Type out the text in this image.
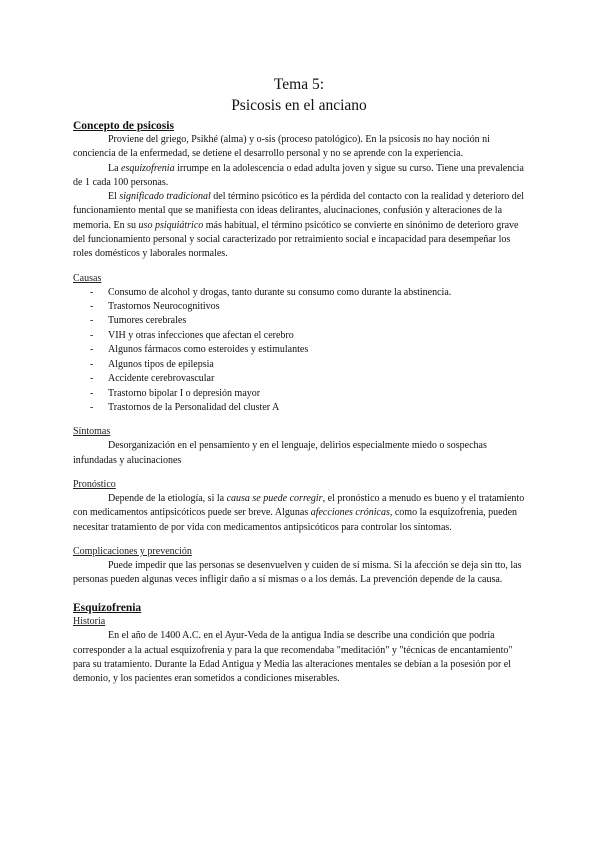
Tema 5:
Psicosis en el anciano
Concepto de psicosis

Proviene del griego, Psikhé (alma) y o-sis (proceso patológico). En la psicosis no hay noción ni conciencia de la enfermedad, se detiene el desarrollo personal y no se aprende con la experiencia.

La esquizofrenia irrumpe en la adolescencia o edad adulta joven y sigue su curso. Tiene una prevalencia de 1 cada 100 personas.

El significado tradicional del término psicótico es la pérdida del contacto con la realidad y deterioro del funcionamiento mental que se manifiesta con ideas delirantes, alucinaciones, confusión y alteraciones de la memoria. En su uso psiquiátrico más habitual, el término psicótico se convierte en sinónimo de deterioro grave del funcionamiento personal y social caracterizado por retraimiento social e incapacidad para desempeñar los roles domésticos y laborales normales.

Causas
- Consumo de alcohol y drogas, tanto durante su consumo como durante la abstinencia.
- Trastornos Neurocognitivos
- Tumores cerebrales
- VIH y otras infecciones que afectan el cerebro
- Algunos fármacos como esteroides y estimulantes
- Algunos tipos de epilepsia
- Accidente cerebrovascular
- Trastorno bipolar I o depresión mayor
- Trastornos de la Personalidad del cluster A
Síntomas

Desorganización en el pensamiento y en el lenguaje, delirios especialmente miedo o sospechas infundadas y alucinaciones

Pronóstico

Depende de la etiología, si la causa se puede corregir, el pronóstico a menudo es bueno y el tratamiento con medicamentos antipsicóticos puede ser breve. Algunas afecciones crónicas, como la esquizofrenia, pueden necesitar tratamiento de por vida con medicamentos antipsicóticos para controlar los síntomas.

Complicaciones y prevención

Puede impedir que las personas se desenvuelven y cuiden de sí misma. Si la afección se deja sin tto, las personas pueden algunas veces infligir daño a sí mismas o a los demás. La prevención depende de la causa.

Esquizofrenia
Historia

En el año de 1400 A.C. en el Ayur-Veda de la antigua India se describe una condición que podría corresponder a la actual esquizofrenia y para la que recomendaba "meditación" y "técnicas de encantamiento" para su tratamiento. Durante la Edad Antigua y Media las alteraciones mentales se debían a la posesión por el demonio, y los pacientes eran sometidos a condiciones miserables.
